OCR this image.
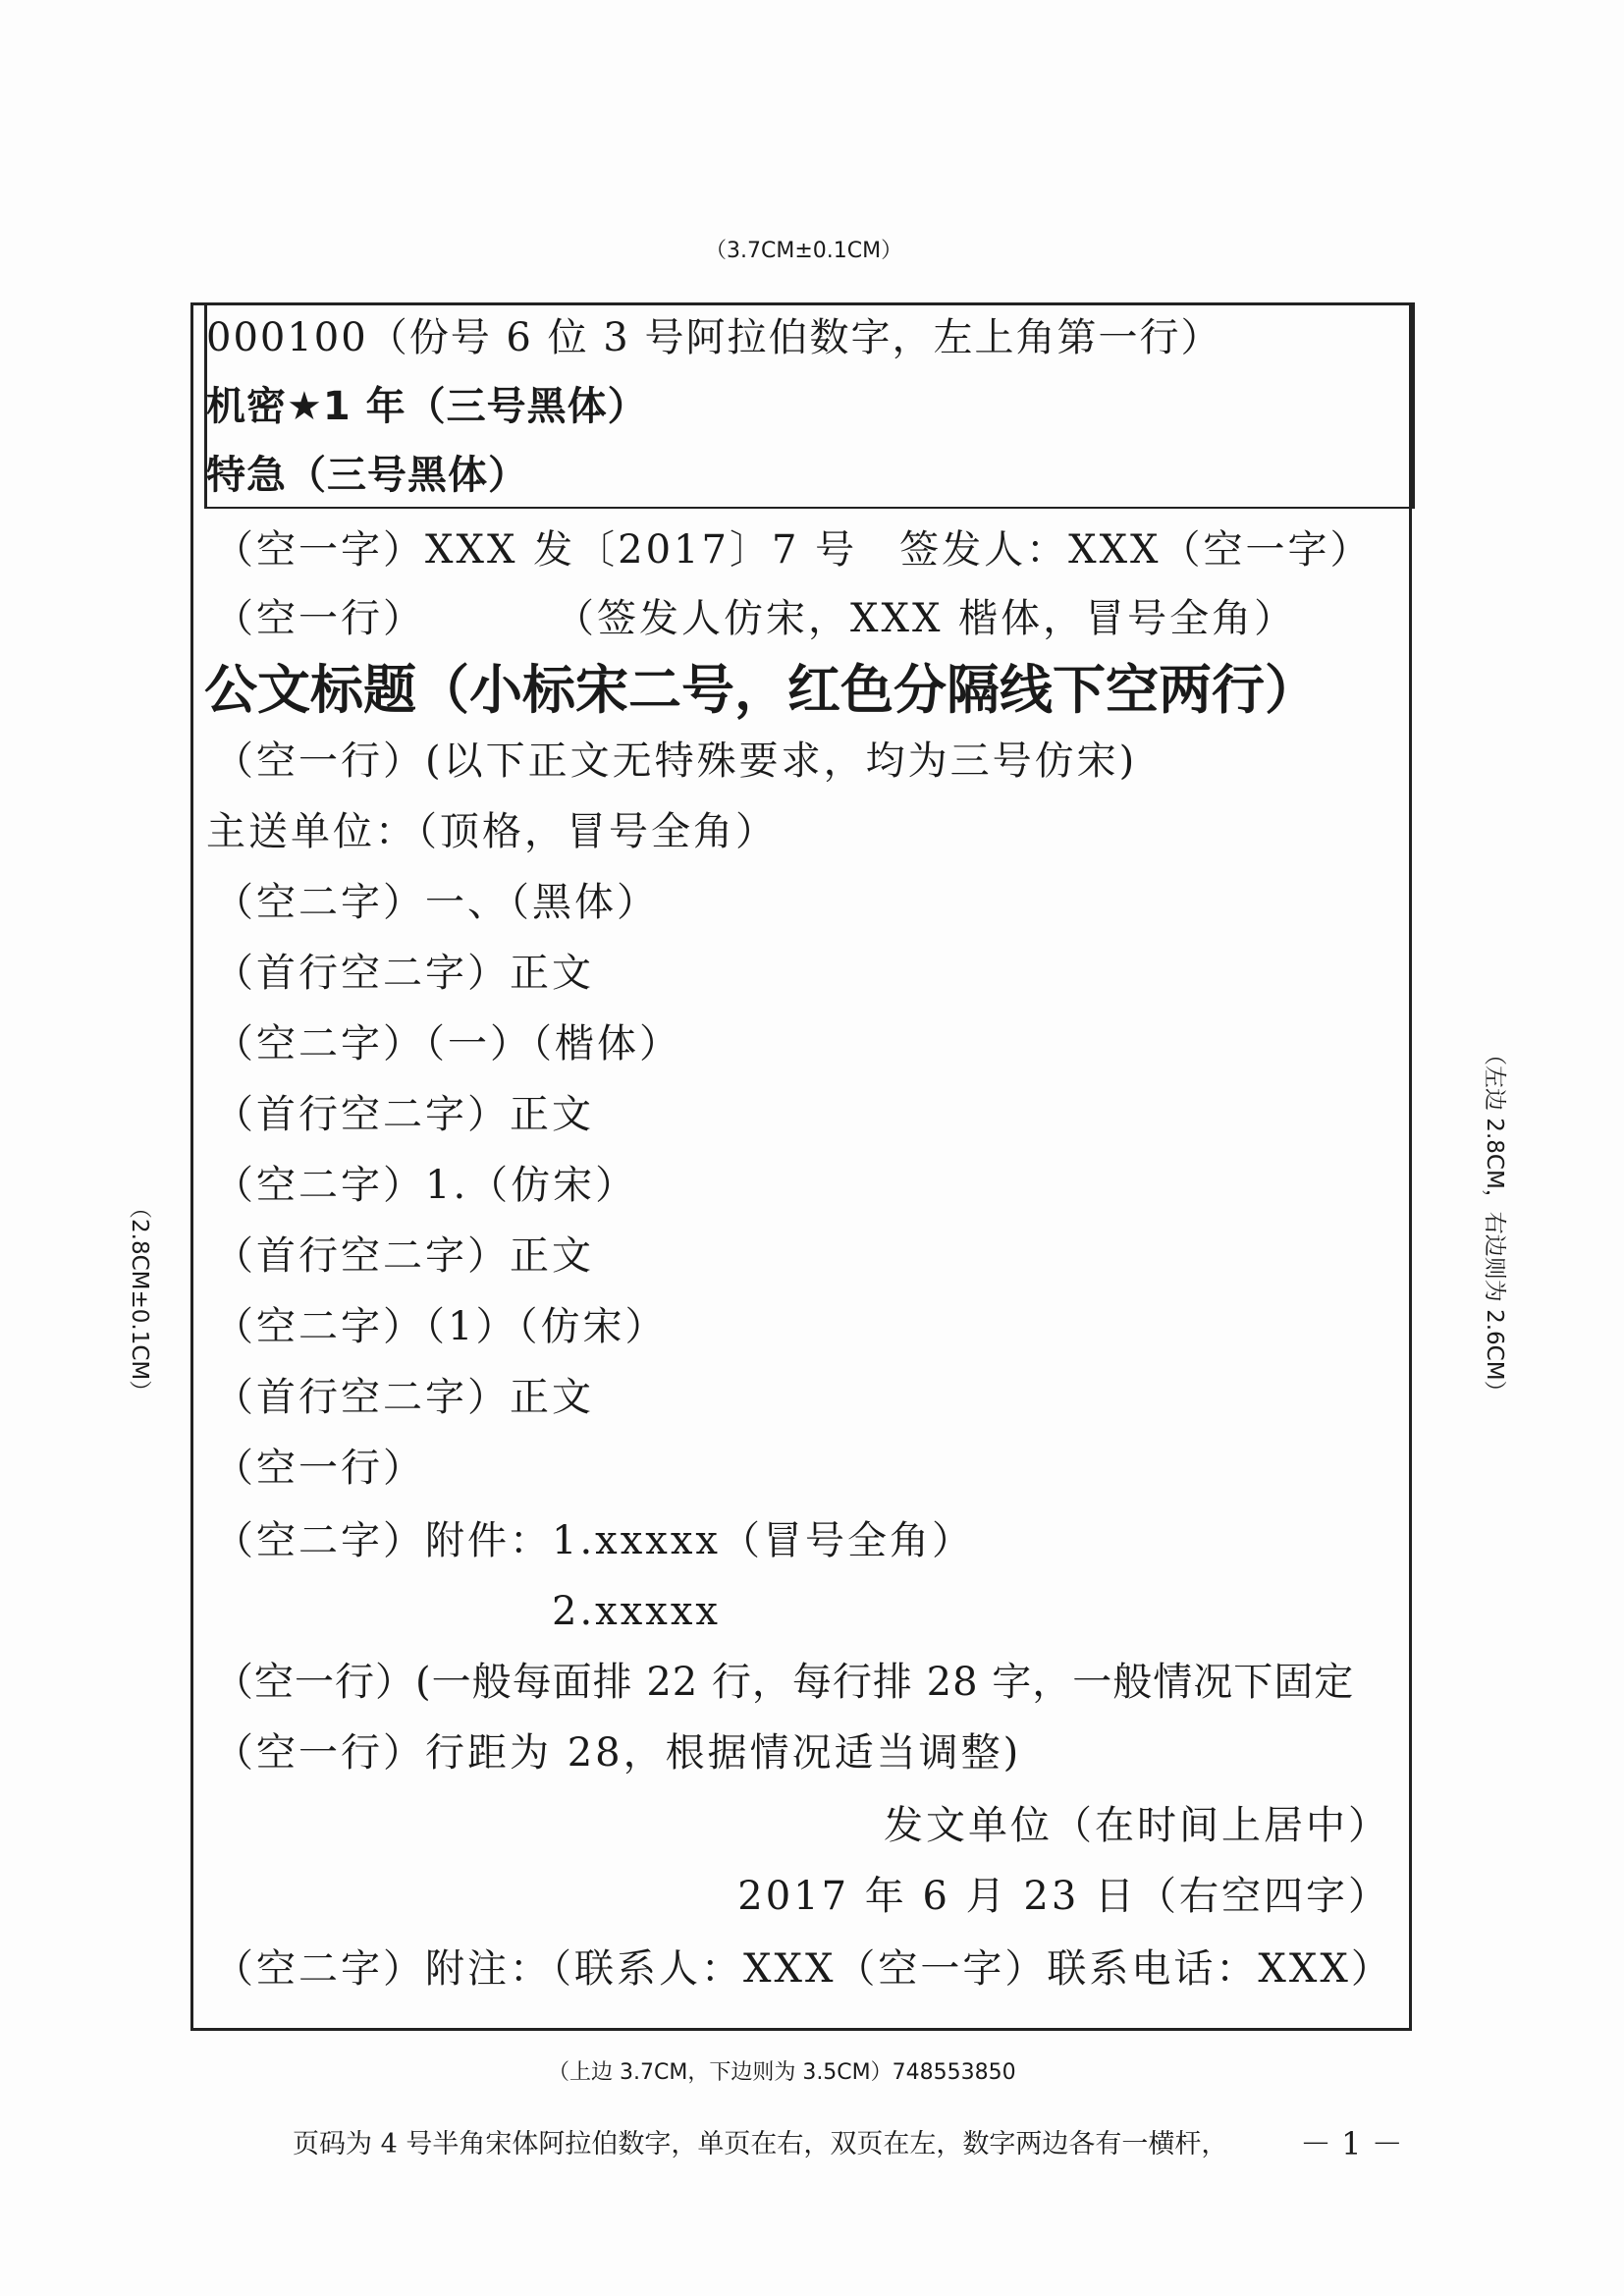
（3.7CM±0.1CM）
000100（份号 6 位 3 号阿拉伯数字，左上角第一行）
机密★1 年（三号黑体）
特急（三号黑体）
（空一字）XXX 发〔2017〕7 号　签发人：XXX（空一字）
（空一行）　　　　（签发人仿宋，XXX 楷体，冒号全角）
公文标题（小标宋二号，红色分隔线下空两行）
（空一行）(以下正文无特殊要求，均为三号仿宋)
主送单位：（顶格，冒号全角）
（空二字）一、（黑体）
（首行空二字）正文
（空二字）（一）（楷体）
（首行空二字）正文
（空二字）1.（仿宋）
（首行空二字）正文
（空二字）（1）（仿宋）
（首行空二字）正文
（空一行）
（空二字）附件：1.xxxxx（冒号全角）
　　　　　　　　2.xxxxx
（空一行）(一般每面排 22 行，每行排 28 字，一般情况下固定
（空一行）行距为 28，根据情况适当调整)
发文单位（在时间上居中）
2017 年 6 月 23 日（右空四字）
（空二字）附注：（联系人：XXX（空一字）联系电话：XXX）
（2.8CM±0.1CM）	（左边 2.8CM，右边则为 2.6CM）
（上边 3.7CM，下边则为 3.5CM）748553850
页码为 4 号半角宋体阿拉伯数字，单页在右，双页在左，数字两边各有一横杆， － 1 －
